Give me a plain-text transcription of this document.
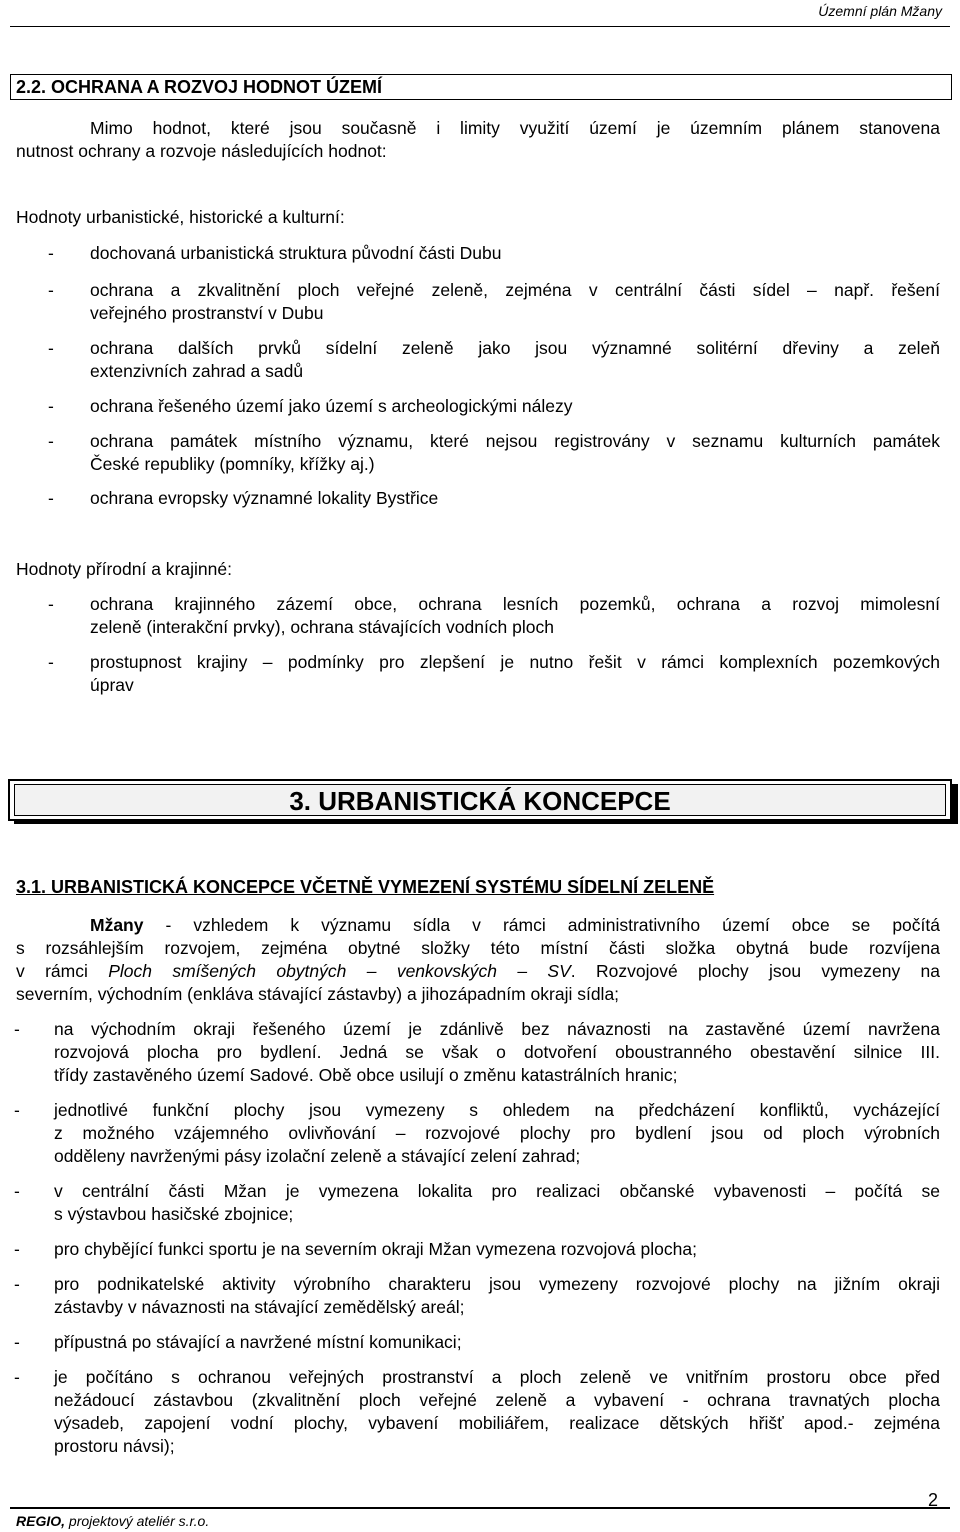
Územní plán Mžany
2.2. OCHRANA A ROZVOJ HODNOT ÚZEMÍ
Mimo hodnot, které jsou současně i limity využití území je územním plánem stanovena
nutnost ochrany a rozvoje následujících hodnot:
Hodnoty urbanistické, historické a kulturní:
- dochovaná urbanistická struktura původní části Dubu
- ochrana a zkvalitnění ploch veřejné zeleně, zejména v centrální části sídel – např. řešení
veřejného prostranství v Dubu
- ochrana dalších prvků sídelní zeleně jako jsou významné solitérní dřeviny a zeleň
extenzivních zahrad a sadů
- ochrana řešeného území jako území s archeologickými nálezy
- ochrana památek místního významu, které nejsou registrovány v seznamu kulturních památek
České republiky (pomníky, křížky aj.)
- ochrana evropsky významné lokality Bystřice
Hodnoty přírodní a krajinné:
- ochrana krajinného zázemí obce, ochrana lesních pozemků, ochrana a rozvoj mimolesní
zeleně (interakční prvky), ochrana stávajících vodních ploch
- prostupnost krajiny – podmínky pro zlepšení je nutno řešit v rámci komplexních pozemkových
úprav
3. URBANISTICKÁ KONCEPCE
3.1. URBANISTICKÁ KONCEPCE VČETNĚ VYMEZENÍ SYSTÉMU SÍDELNÍ ZELENĚ
Mžany - vzhledem k významu sídla v rámci administrativního území obce se počítá
s rozsáhlejším rozvojem, zejména obytné složky této místní části složka obytná bude rozvíjena
v rámci Ploch smíšených obytných – venkovských – SV. Rozvojové plochy jsou vymezeny na
severním, východním (enkláva stávající zástavby) a jihozápadním okraji sídla;
- na východním okraji řešeného území je zdánlivě bez návaznosti na zastavěné území navržena
rozvojová plocha pro bydlení. Jedná se však o dotvoření oboustranného obestavění silnice III.
třídy zastavěného území Sadové. Obě obce usilují o změnu katastrálních hranic;
- jednotlivé funkční plochy jsou vymezeny s ohledem na předcházení konfliktů, vycházející
z možného vzájemného ovlivňování – rozvojové plochy pro bydlení jsou od ploch výrobních
odděleny navrženými pásy izolační zeleně a stávající zelení zahrad;
- v centrální části Mžan je vymezena lokalita pro realizaci občanské vybavenosti – počítá se
s výstavbou hasičské zbojnice;
- pro chybějící funkci sportu je na severním okraji Mžan vymezena rozvojová plocha;
- pro podnikatelské aktivity výrobního charakteru jsou vymezeny rozvojové plochy na jižním okraji
zástavby v návaznosti na stávající zemědělský areál;
- přípustná po stávající a navržené místní komunikaci;
- je počítáno s ochranou veřejných prostranství a ploch zeleně ve vnitřním prostoru obce před
nežádoucí zástavbou (zkvalitnění ploch veřejné zeleně a vybavení - ochrana travnatých plocha
výsadeb, zapojení vodní plochy, vybavení mobiliářem, realizace dětských hřišť apod.- zejména
prostoru návsi);
2
REGIO, projektový ateliér s.r.o.
